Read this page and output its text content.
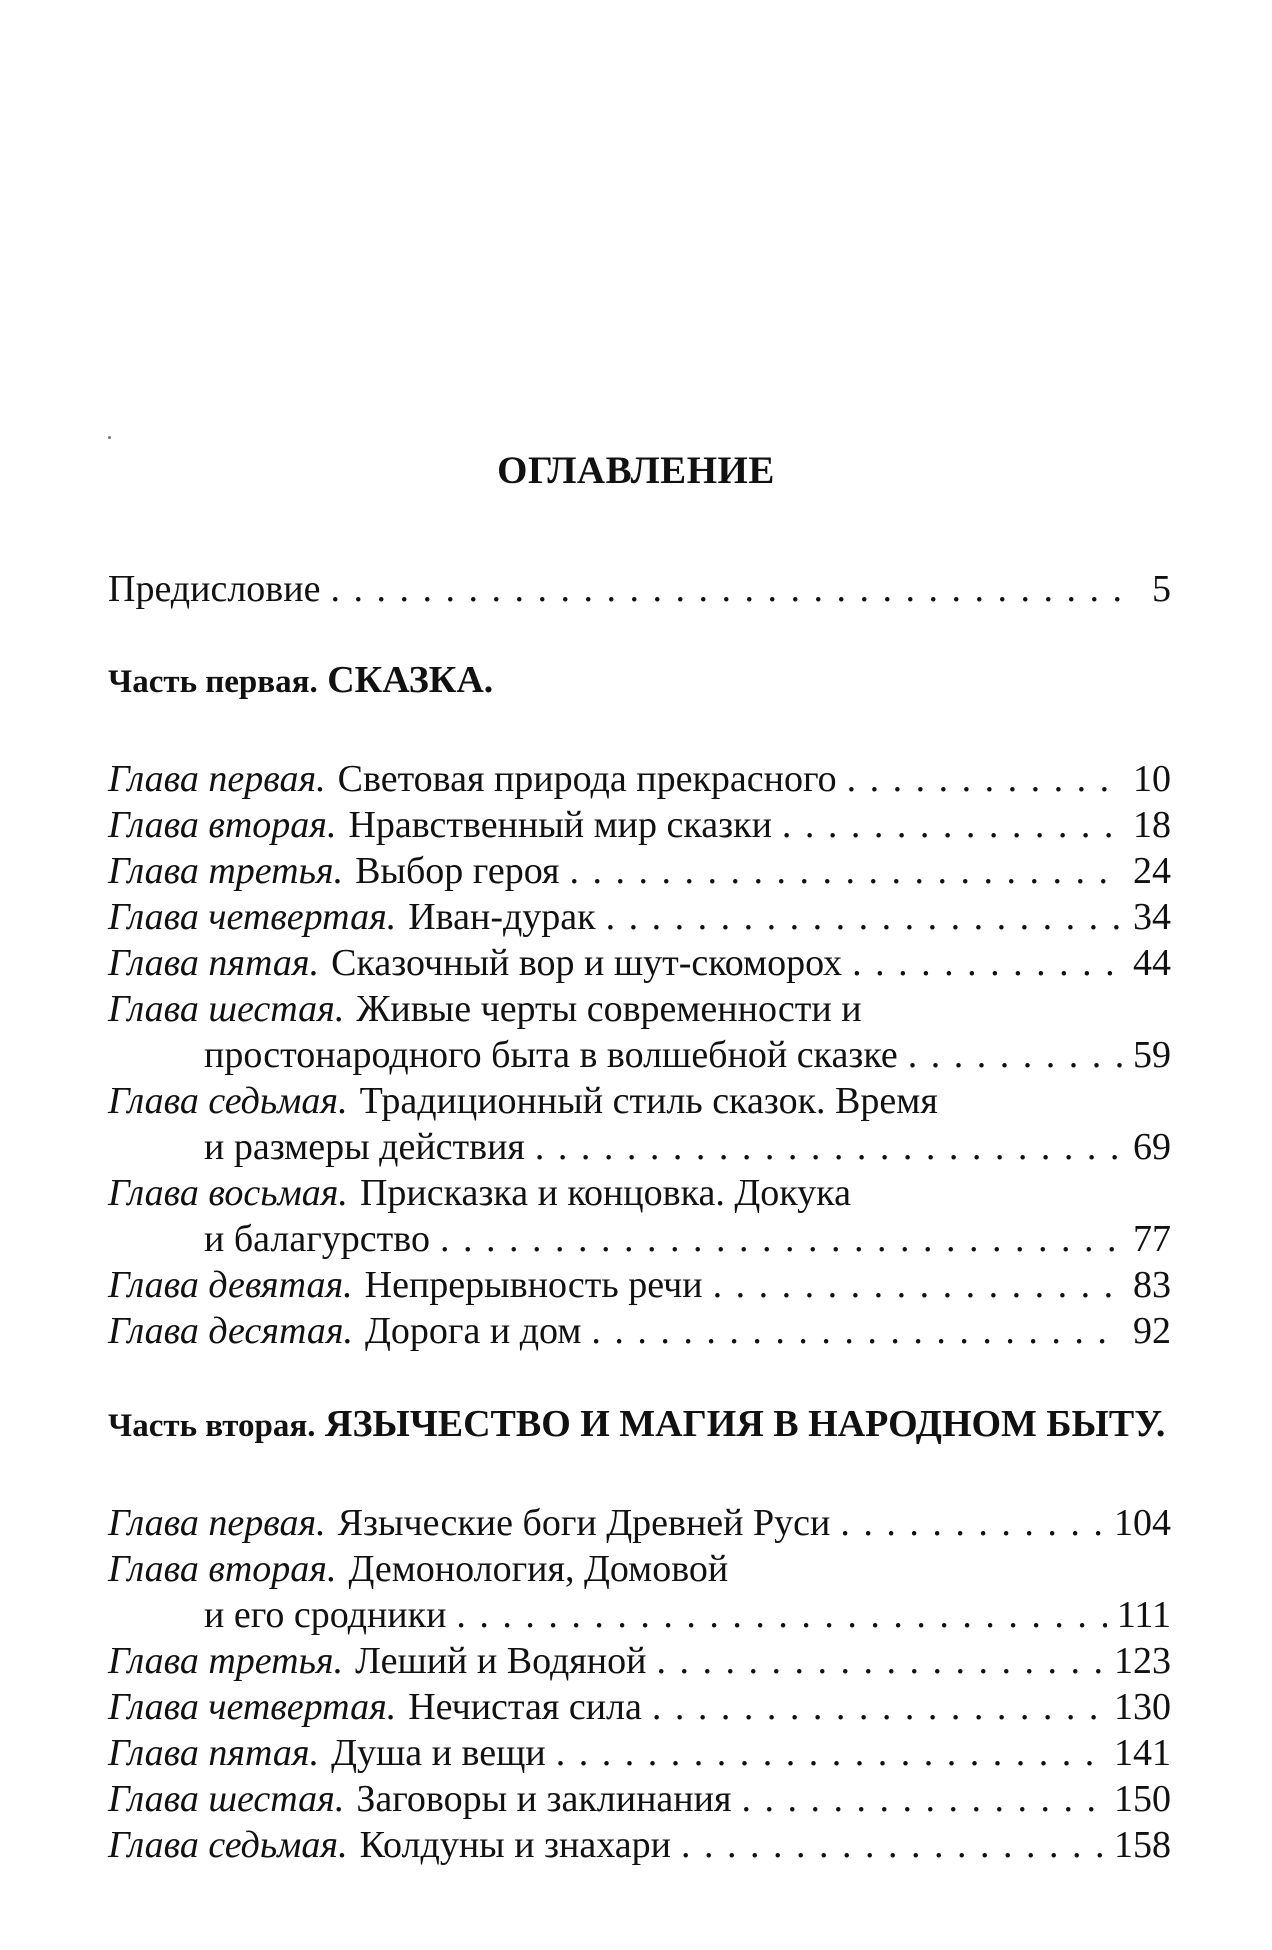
ОГЛАВЛЕНИЕ
Предисловие . . .	5
Часть первая. СКАЗКА.
Глава первая. Световая природа прекрасного . . .	10
Глава вторая. Нравственный мир сказки . . .	18
Глава третья. Выбор героя . . .	24
Глава четвертая. Иван-дурак . . .	34
Глава пятая. Сказочный вор и шут-скоморох . . .	44
Глава шестая. Живые черты современности и
простонародного быта в волшебной сказке . . .	59
Глава седьмая. Традиционный стиль сказок. Время
и размеры действия . . .	69
Глава восьмая. Присказка и концовка. Докука
и балагурство . . .	77
Глава девятая. Непрерывность речи . . .	83
Глава десятая. Дорога и дом . . .	92
Часть вторая. ЯЗЫЧЕСТВО И МАГИЯ В НАРОДНОМ БЫТУ.
Глава первая. Языческие боги Древней Руси . . .	104
Глава вторая. Демонология, Домовой
и его сродники . . .	111
Глава третья. Леший и Водяной . . .	123
Глава четвертая. Нечистая сила . . .	130
Глава пятая. Душа и вещи . . .	141
Глава шестая. Заговоры и заклинания . . .	150
Глава седьмая. Колдуны и знахари . . .	158
